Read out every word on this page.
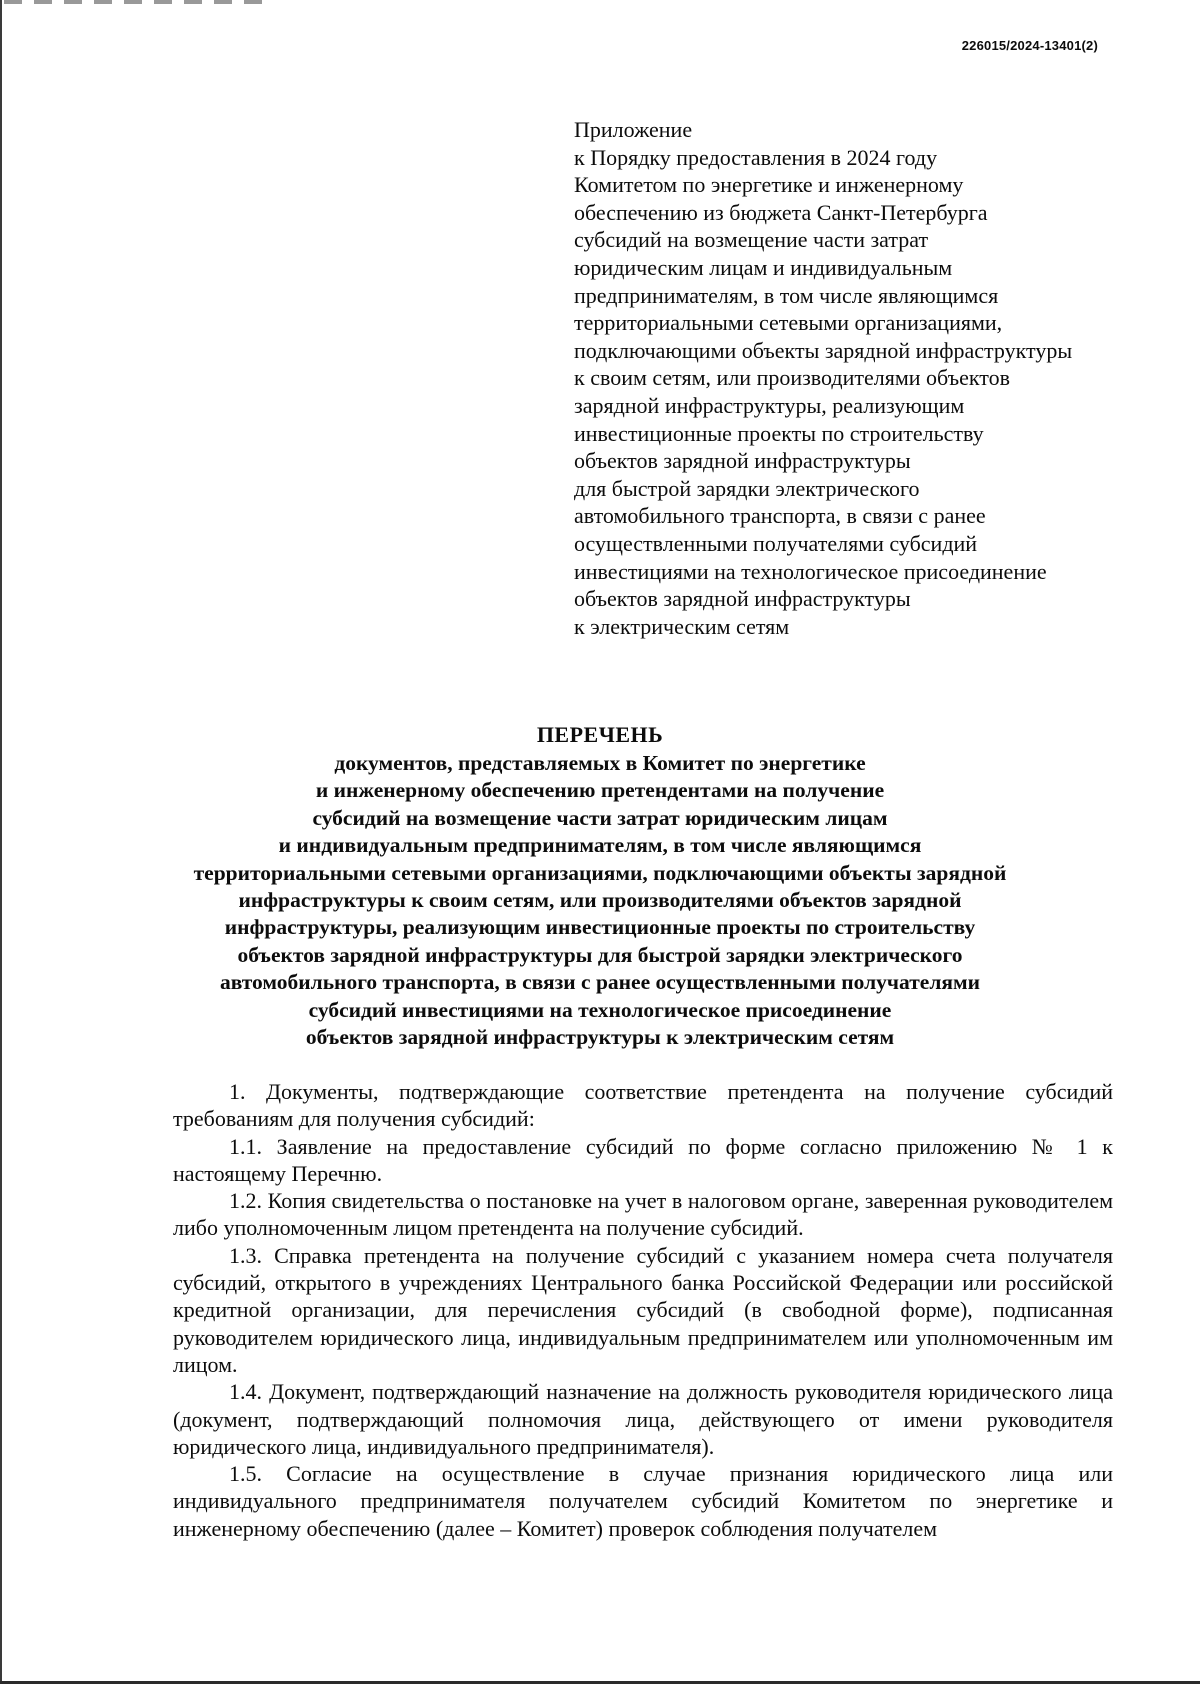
226015/2024-13401(2)
Приложение
к Порядку предоставления в 2024 году
Комитетом по энергетике и инженерному
обеспечению из бюджета Санкт-Петербурга
субсидий на возмещение части затрат
юридическим лицам и индивидуальным
предпринимателям, в том числе являющимся
территориальными сетевыми организациями,
подключающими объекты зарядной инфраструктуры
к своим сетям, или производителями объектов
зарядной инфраструктуры, реализующим
инвестиционные проекты по строительству
объектов зарядной инфраструктуры
для быстрой зарядки электрического
автомобильного транспорта, в связи с ранее
осуществленными получателями субсидий
инвестициями на технологическое присоединение
объектов зарядной инфраструктуры
к электрическим сетям
ПЕРЕЧЕНЬ
документов, представляемых в Комитет по энергетике
и инженерному обеспечению претендентами на получение
субсидий на возмещение части затрат юридическим лицам
и индивидуальным предпринимателям, в том числе являющимся
территориальными сетевыми организациями, подключающими объекты зарядной
инфраструктуры к своим сетям, или производителями объектов зарядной
инфраструктуры, реализующим инвестиционные проекты по строительству
объектов зарядной инфраструктуры для быстрой зарядки электрического
автомобильного транспорта, в связи с ранее осуществленными получателями
субсидий инвестициями на технологическое присоединение
объектов зарядной инфраструктуры к электрическим сетям

1. Документы, подтверждающие соответствие претендента на получение субсидий требованиям для получения субсидий:

1.1. Заявление на предоставление субсидий по форме согласно приложению № 1 к настоящему Перечню.

1.2. Копия свидетельства о постановке на учет в налоговом органе, заверенная руководителем либо уполномоченным лицом претендента на получение субсидий.

1.3. Справка претендента на получение субсидий с указанием номера счета получателя субсидий, открытого в учреждениях Центрального банка Российской Федерации или российской кредитной организации, для перечисления субсидий (в свободной форме), подписанная руководителем юридического лица, индивидуальным предпринимателем или уполномоченным им лицом.

1.4. Документ, подтверждающий назначение на должность руководителя юридического лица (документ, подтверждающий полномочия лица, действующего от имени руководителя юридического лица, индивидуального предпринимателя).

1.5. Согласие на осуществление в случае признания юридического лица или индивидуального предпринимателя получателем субсидий Комитетом по энергетике и инженерному обеспечению (далее – Комитет) проверок соблюдения получателем
